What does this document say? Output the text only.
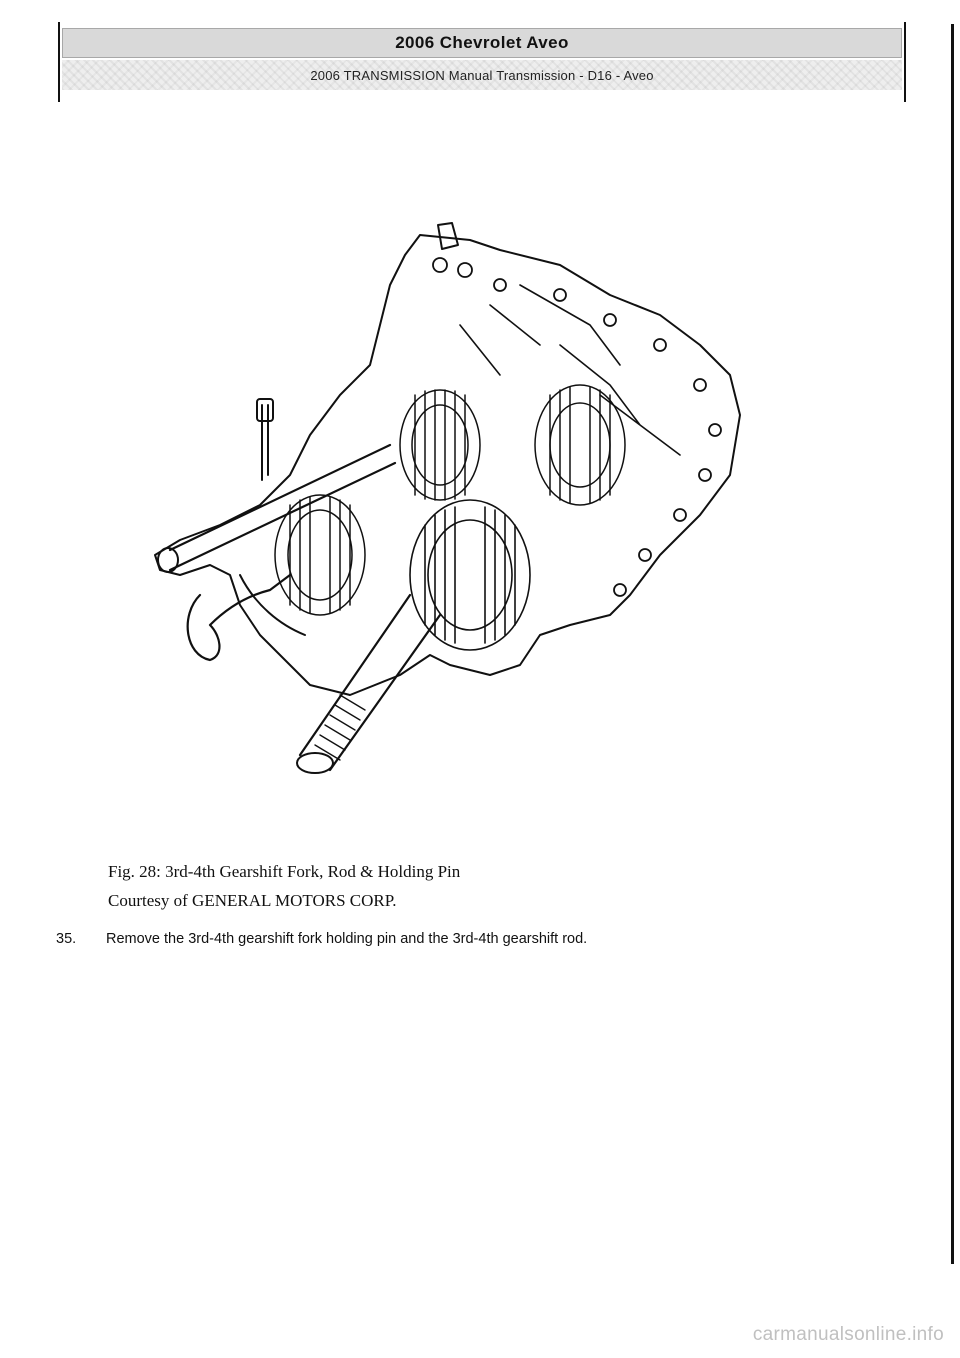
2006 Chevrolet Aveo
2006 TRANSMISSION Manual Transmission - D16 - Aveo
Fig. 28: 3rd-4th Gearshift Fork, Rod & Holding Pin
Courtesy of GENERAL MOTORS CORP.
35.	Remove the 3rd-4th gearshift fork holding pin and the 3rd-4th gearshift rod.
carmanualsonline.info
